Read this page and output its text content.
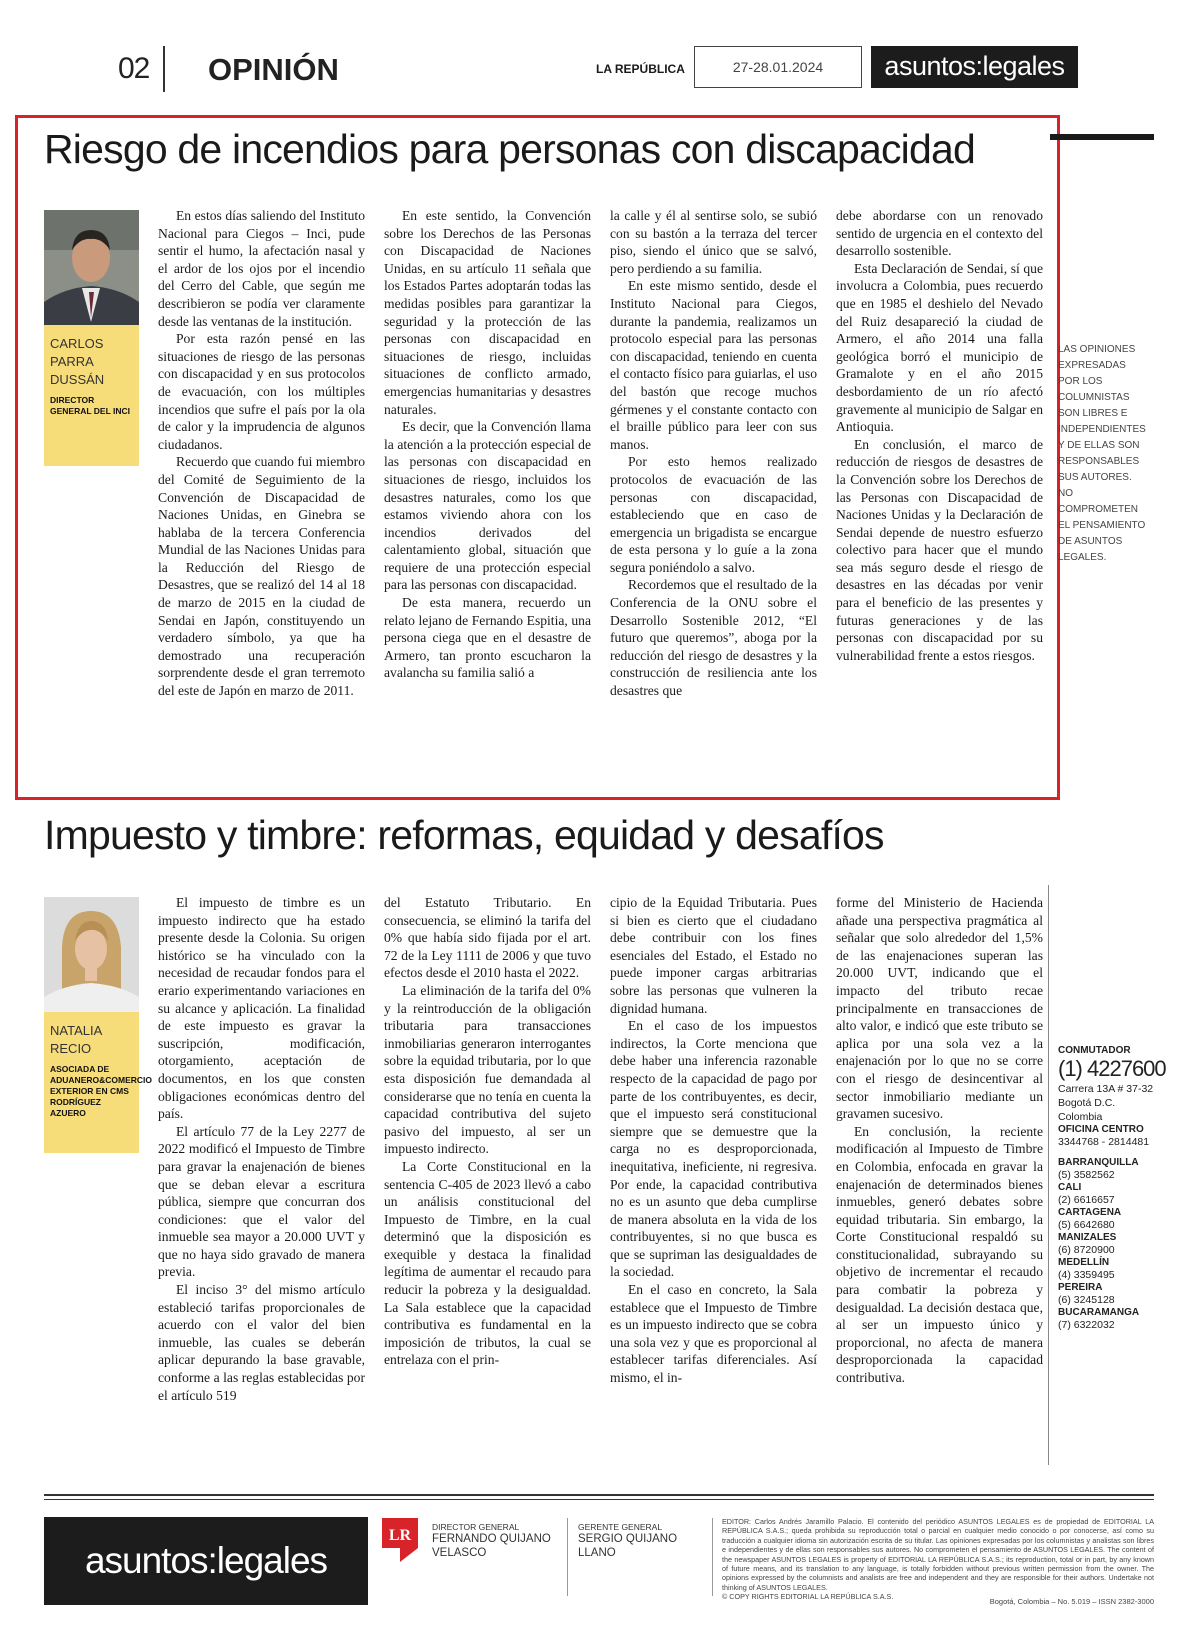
02 OPINIÓN	LA REPÚBLICA	27-28.01.2024	asuntos:legales
Riesgo de incendios para personas con discapacidad
CARLOS PARRA DUSSÁN
DIRECTOR GENERAL DEL INCI

En estos días saliendo del Instituto Nacional para Ciegos – Inci, pude sentir el humo, la afectación nasal y el ardor de los ojos por el incendio del Cerro del Cable, que según me describieron se podía ver claramente desde las ventanas de la institución.

Por esta razón pensé en las situaciones de riesgo de las personas con discapacidad y en sus protocolos de evacuación, con los múltiples incendios que sufre el país por la ola de calor y la imprudencia de algunos ciudadanos.

Recuerdo que cuando fui miembro del Comité de Seguimiento de la Convención de Discapacidad de Naciones Unidas, en Ginebra se hablaba de la tercera Conferencia Mundial de las Naciones Unidas para la Reducción del Riesgo de Desastres, que se realizó del 14 al 18 de marzo de 2015 en la ciudad de Sendai en Japón, constituyendo un verdadero símbolo, ya que ha demostrado una recuperación sorprendente desde el gran terremoto del este de Japón en marzo de 2011.

En este sentido, la Convención sobre los Derechos de las Personas con Discapacidad de Naciones Unidas, en su artículo 11 señala que los Estados Partes adoptarán todas las medidas posibles para garantizar la seguridad y la protección de las personas con discapacidad en situaciones de riesgo, incluidas situaciones de conflicto armado, emergencias humanitarias y desastres naturales.

Es decir, que la Convención llama la atención a la protección especial de las personas con discapacidad en situaciones de riesgo, incluidos los desastres naturales, como los que estamos viviendo ahora con los incendios derivados del calentamiento global, situación que requiere de una protección especial para las personas con discapacidad.

De esta manera, recuerdo un relato lejano de Fernando Espitia, una persona ciega que en el desastre de Armero, tan pronto escucharon la avalancha su familia salió a

la calle y él al sentirse solo, se subió con su bastón a la terraza del tercer piso, siendo el único que se salvó, pero perdiendo a su familia.

En este mismo sentido, desde el Instituto Nacional para Ciegos, durante la pandemia, realizamos un protocolo especial para las personas con discapacidad, teniendo en cuenta el contacto físico para guiarlas, el uso del bastón que recoge muchos gérmenes y el constante contacto con el braille público para leer con sus manos.

Por esto hemos realizado protocolos de evacuación de las personas con discapacidad, estableciendo que en caso de emergencia un brigadista se encargue de esta persona y lo guíe a la zona segura poniéndolo a salvo.

Recordemos que el resultado de la Conferencia de la ONU sobre el Desarrollo Sostenible 2012, “El futuro que queremos”, aboga por la reducción del riesgo de desastres y la construcción de resiliencia ante los desastres que

debe abordarse con un renovado sentido de urgencia en el contexto del desarrollo sostenible.

Esta Declaración de Sendai, sí que involucra a Colombia, pues recuerdo que en 1985 el deshielo del Nevado del Ruiz desapareció la ciudad de Armero, el año 2014 una falla geológica borró el municipio de Gramalote y en el año 2015 desbordamiento de un río afectó gravemente al municipio de Salgar en Antioquia.

En conclusión, el marco de reducción de riesgos de desastres de la Convención sobre los Derechos de las Personas con Discapacidad de Naciones Unidas y la Declaración de Sendai depende de nuestro esfuerzo colectivo para hacer que el mundo sea más seguro desde el riesgo de desastres en las décadas por venir para el beneficio de las presentes y futuras generaciones y de las personas con discapacidad por su vulnerabilidad frente a estos riesgos.

LAS OPINIONES EXPRESADAS POR LOS COLUMNISTAS SON LIBRES E INDEPENDIENTES Y DE ELLAS SON RESPONSABLES SUS AUTORES. NO COMPROMETEN EL PENSAMIENTO DE ASUNTOS LEGALES.
Impuesto y timbre: reformas, equidad y desafíos
NATALIA RECIO
ASOCIADA DE ADUANERO&COMERCIO EXTERIOR EN CMS RODRÍGUEZ AZUERO

El impuesto de timbre es un impuesto indirecto que ha estado presente desde la Colonia. Su origen histórico se ha vinculado con la necesidad de recaudar fondos para el erario experimentando variaciones en su alcance y aplicación. La finalidad de este impuesto es gravar la suscripción, modificación, otorgamiento, aceptación de documentos, en los que consten obligaciones económicas dentro del país.

El artículo 77 de la Ley 2277 de 2022 modificó el Impuesto de Timbre para gravar la enajenación de bienes que se deban elevar a escritura pública, siempre que concurran dos condiciones: que el valor del inmueble sea mayor a 20.000 UVT y que no haya sido gravado de manera previa.

El inciso 3° del mismo artículo estableció tarifas proporcionales de acuerdo con el valor del bien inmueble, las cuales se deberán aplicar depurando la base gravable, conforme a las reglas establecidas por el artículo 519

del Estatuto Tributario. En consecuencia, se eliminó la tarifa del 0% que había sido fijada por el art. 72 de la Ley 1111 de 2006 y que tuvo efectos desde el 2010 hasta el 2022.

La eliminación de la tarifa del 0% y la reintroducción de la obligación tributaria para transacciones inmobiliarias generaron interrogantes sobre la equidad tributaria, por lo que esta disposición fue demandada al considerarse que no tenía en cuenta la capacidad contributiva del sujeto pasivo del impuesto, al ser un impuesto indirecto.

La Corte Constitucional en la sentencia C-405 de 2023 llevó a cabo un análisis constitucional del Impuesto de Timbre, en la cual determinó que la disposición es exequible y destaca la finalidad legítima de aumentar el recaudo para reducir la pobreza y la desigualdad. La Sala establece que la capacidad contributiva es fundamental en la imposición de tributos, la cual se entrelaza con el prin-

cipio de la Equidad Tributaria. Pues si bien es cierto que el ciudadano debe contribuir con los fines esenciales del Estado, el Estado no puede imponer cargas arbitrarias sobre las personas que vulneren la dignidad humana.

En el caso de los impuestos indirectos, la Corte menciona que debe haber una inferencia razonable respecto de la capacidad de pago por parte de los contribuyentes, es decir, que el impuesto será constitucional siempre que se demuestre que la carga no es desproporcionada, inequitativa, ineficiente, ni regresiva. Por ende, la capacidad contributiva no es un asunto que deba cumplirse de manera absoluta en la vida de los contribuyentes, si no que busca es que se supriman las desigualdades de la sociedad.

En el caso en concreto, la Sala establece que el Impuesto de Timbre es un impuesto indirecto que se cobra una sola vez y que es proporcional al establecer tarifas diferenciales. Así mismo, el in-

forme del Ministerio de Hacienda añade una perspectiva pragmática al señalar que solo alrededor del 1,5% de las enajenaciones superan las 20.000 UVT, indicando que el impacto del tributo recae principalmente en transacciones de alto valor, e indicó que este tributo se aplica por una sola vez a la enajenación por lo que no se corre con el riesgo de desincentivar al sector inmobiliario mediante un gravamen sucesivo.

En conclusión, la reciente modificación al Impuesto de Timbre en Colombia, enfocada en gravar la enajenación de determinados bienes inmuebles, generó debates sobre equidad tributaria. Sin embargo, la Corte Constitucional respaldó su constitucionalidad, subrayando su objetivo de incrementar el recaudo para combatir la pobreza y desigualdad. La decisión destaca que, al ser un impuesto único y proporcional, no afecta de manera desproporcionada la capacidad contributiva.

CONMUTADOR
(1) 4227600
Carrera 13A # 37-32
Bogotá D.C.
Colombia
OFICINA CENTRO
3344768 - 2814481
BARRANQUILLA
(5) 3582562
CALI
(2) 6616657
CARTAGENA
(5) 6642680
MANIZALES
(6) 8720900
MEDELLÍN
(4) 3359495
PEREIRA
(6) 3245128
BUCARAMANGA
(7) 6322032
asuntos:legales
LR DIRECTOR GENERAL
FERNANDO QUIJANO VELASCO
GERENTE GENERAL
SERGIO QUIJANO LLANO
EDITOR: Carlos Andrés Jaramillo Palacio. El contenido del periódico ASUNTOS LEGALES es de propiedad de EDITORIAL LA REPÚBLICA S.A.S.; queda prohibida su reproducción total o parcial en cualquier medio conocido o por conocerse, así como su traducción a cualquier idioma sin autorización escrita de su titular. Las opiniones expresadas por los columnistas y analistas son libres e independientes y de ellas son responsables sus autores. No comprometen el pensamiento de ASUNTOS LEGALES. The content of the newspaper ASUNTOS LEGALES is property of EDITORIAL LA REPÚBLICA S.A.S.; its reproduction, total or in part, by any known of future means, and its translation to any language, is totally forbidden without previous written permission from the owner. The opinions expressed by the columnists and analists are free and independent and they are responsible for their authors. Undertake not thinking of ASUNTOS LEGALES.
© COPY RIGHTS EDITORIAL LA REPÚBLICA S.A.S.
Bogotá, Colombia – No. 5.019 – ISSN 2382-3000
